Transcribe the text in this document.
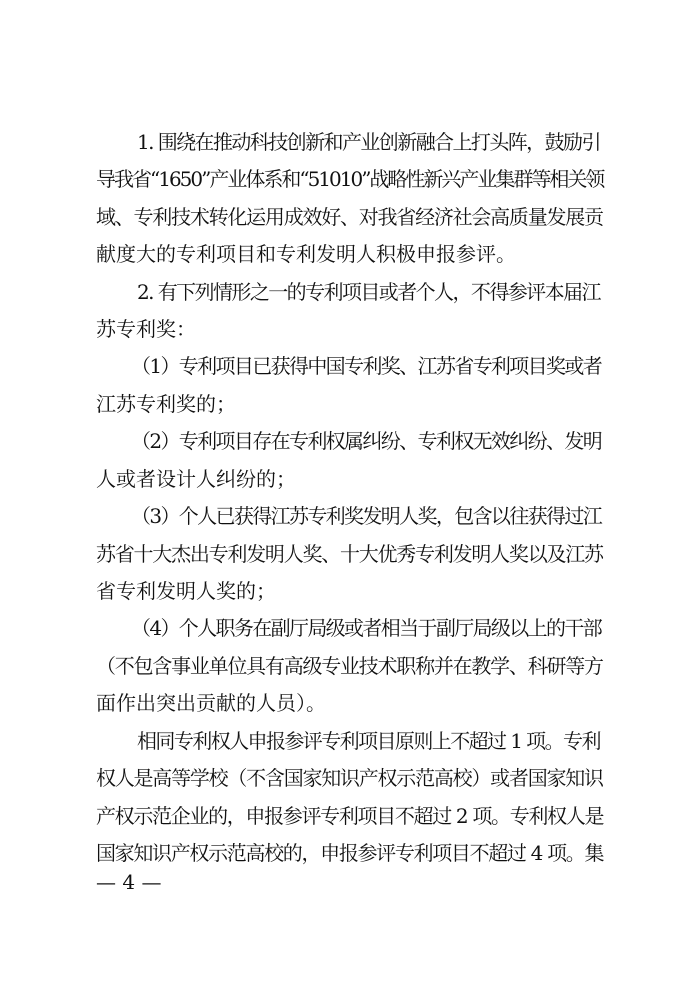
1. 围绕在推动科技创新和产业创新融合上打头阵，鼓励引
导我省“1650”产业体系和“51010”战略性新兴产业集群等相关领
域、专利技术转化运用成效好、对我省经济社会高质量发展贡
献度大的专利项目和专利发明人积极申报参评。
2. 有下列情形之一的专利项目或者个人，不得参评本届江
苏专利奖：
（1）专利项目已获得中国专利奖、江苏省专利项目奖或者
江苏专利奖的；
（2）专利项目存在专利权属纠纷、专利权无效纠纷、发明
人或者设计人纠纷的；
（3）个人已获得江苏专利奖发明人奖，包含以往获得过江
苏省十大杰出专利发明人奖、十大优秀专利发明人奖以及江苏
省专利发明人奖的；
（4）个人职务在副厅局级或者相当于副厅局级以上的干部
（不包含事业单位具有高级专业技术职称并在教学、科研等方
面作出突出贡献的人员）。
相同专利权人申报参评专利项目原则上不超过 1 项。专利
权人是高等学校（不含国家知识产权示范高校）或者国家知识
产权示范企业的，申报参评专利项目不超过 2 项。专利权人是
国家知识产权示范高校的，申报参评专利项目不超过 4 项。集
— 4 —
